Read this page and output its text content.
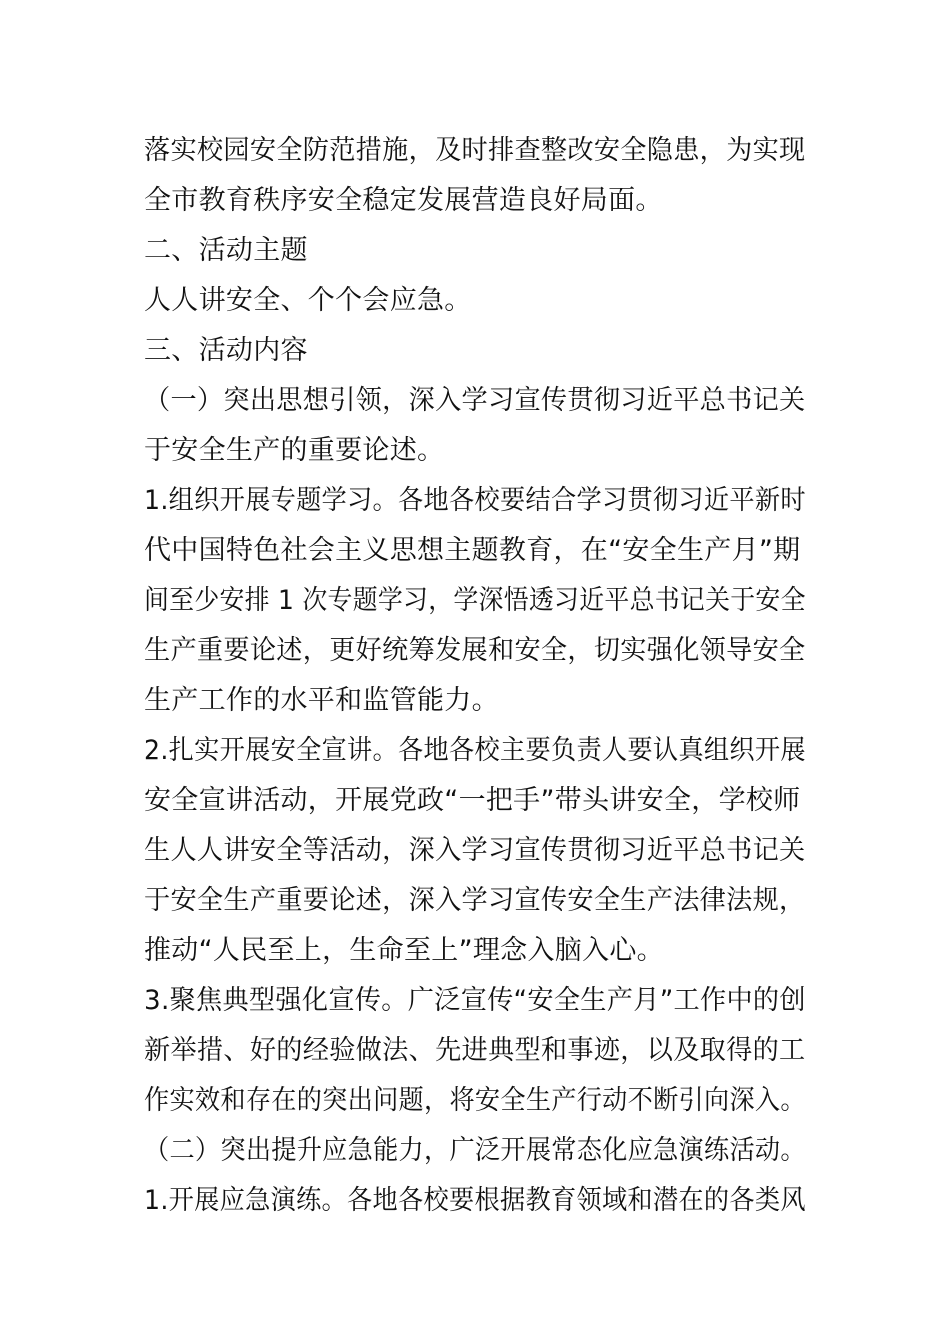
落实校园安全防范措施，及时排查整改安全隐患，为实现
全市教育秩序安全稳定发展营造良好局面。
二、活动主题
人人讲安全、个个会应急。
三、活动内容
（一）突出思想引领，深入学习宣传贯彻习近平总书记关
于安全生产的重要论述。
1.组织开展专题学习。各地各校要结合学习贯彻习近平新时
代中国特色社会主义思想主题教育，在“安全生产月”期
间至少安排 1 次专题学习，学深悟透习近平总书记关于安全
生产重要论述，更好统筹发展和安全，切实强化领导安全
生产工作的水平和监管能力。
2.扎实开展安全宣讲。各地各校主要负责人要认真组织开展
安全宣讲活动，开展党政“一把手”带头讲安全，学校师
生人人讲安全等活动，深入学习宣传贯彻习近平总书记关
于安全生产重要论述，深入学习宣传安全生产法律法规，
推动“人民至上，生命至上”理念入脑入心。
3.聚焦典型强化宣传。广泛宣传“安全生产月”工作中的创
新举措、好的经验做法、先进典型和事迹，以及取得的工
作实效和存在的突出问题，将安全生产行动不断引向深入。
（二）突出提升应急能力，广泛开展常态化应急演练活动。
1.开展应急演练。各地各校要根据教育领域和潜在的各类风
